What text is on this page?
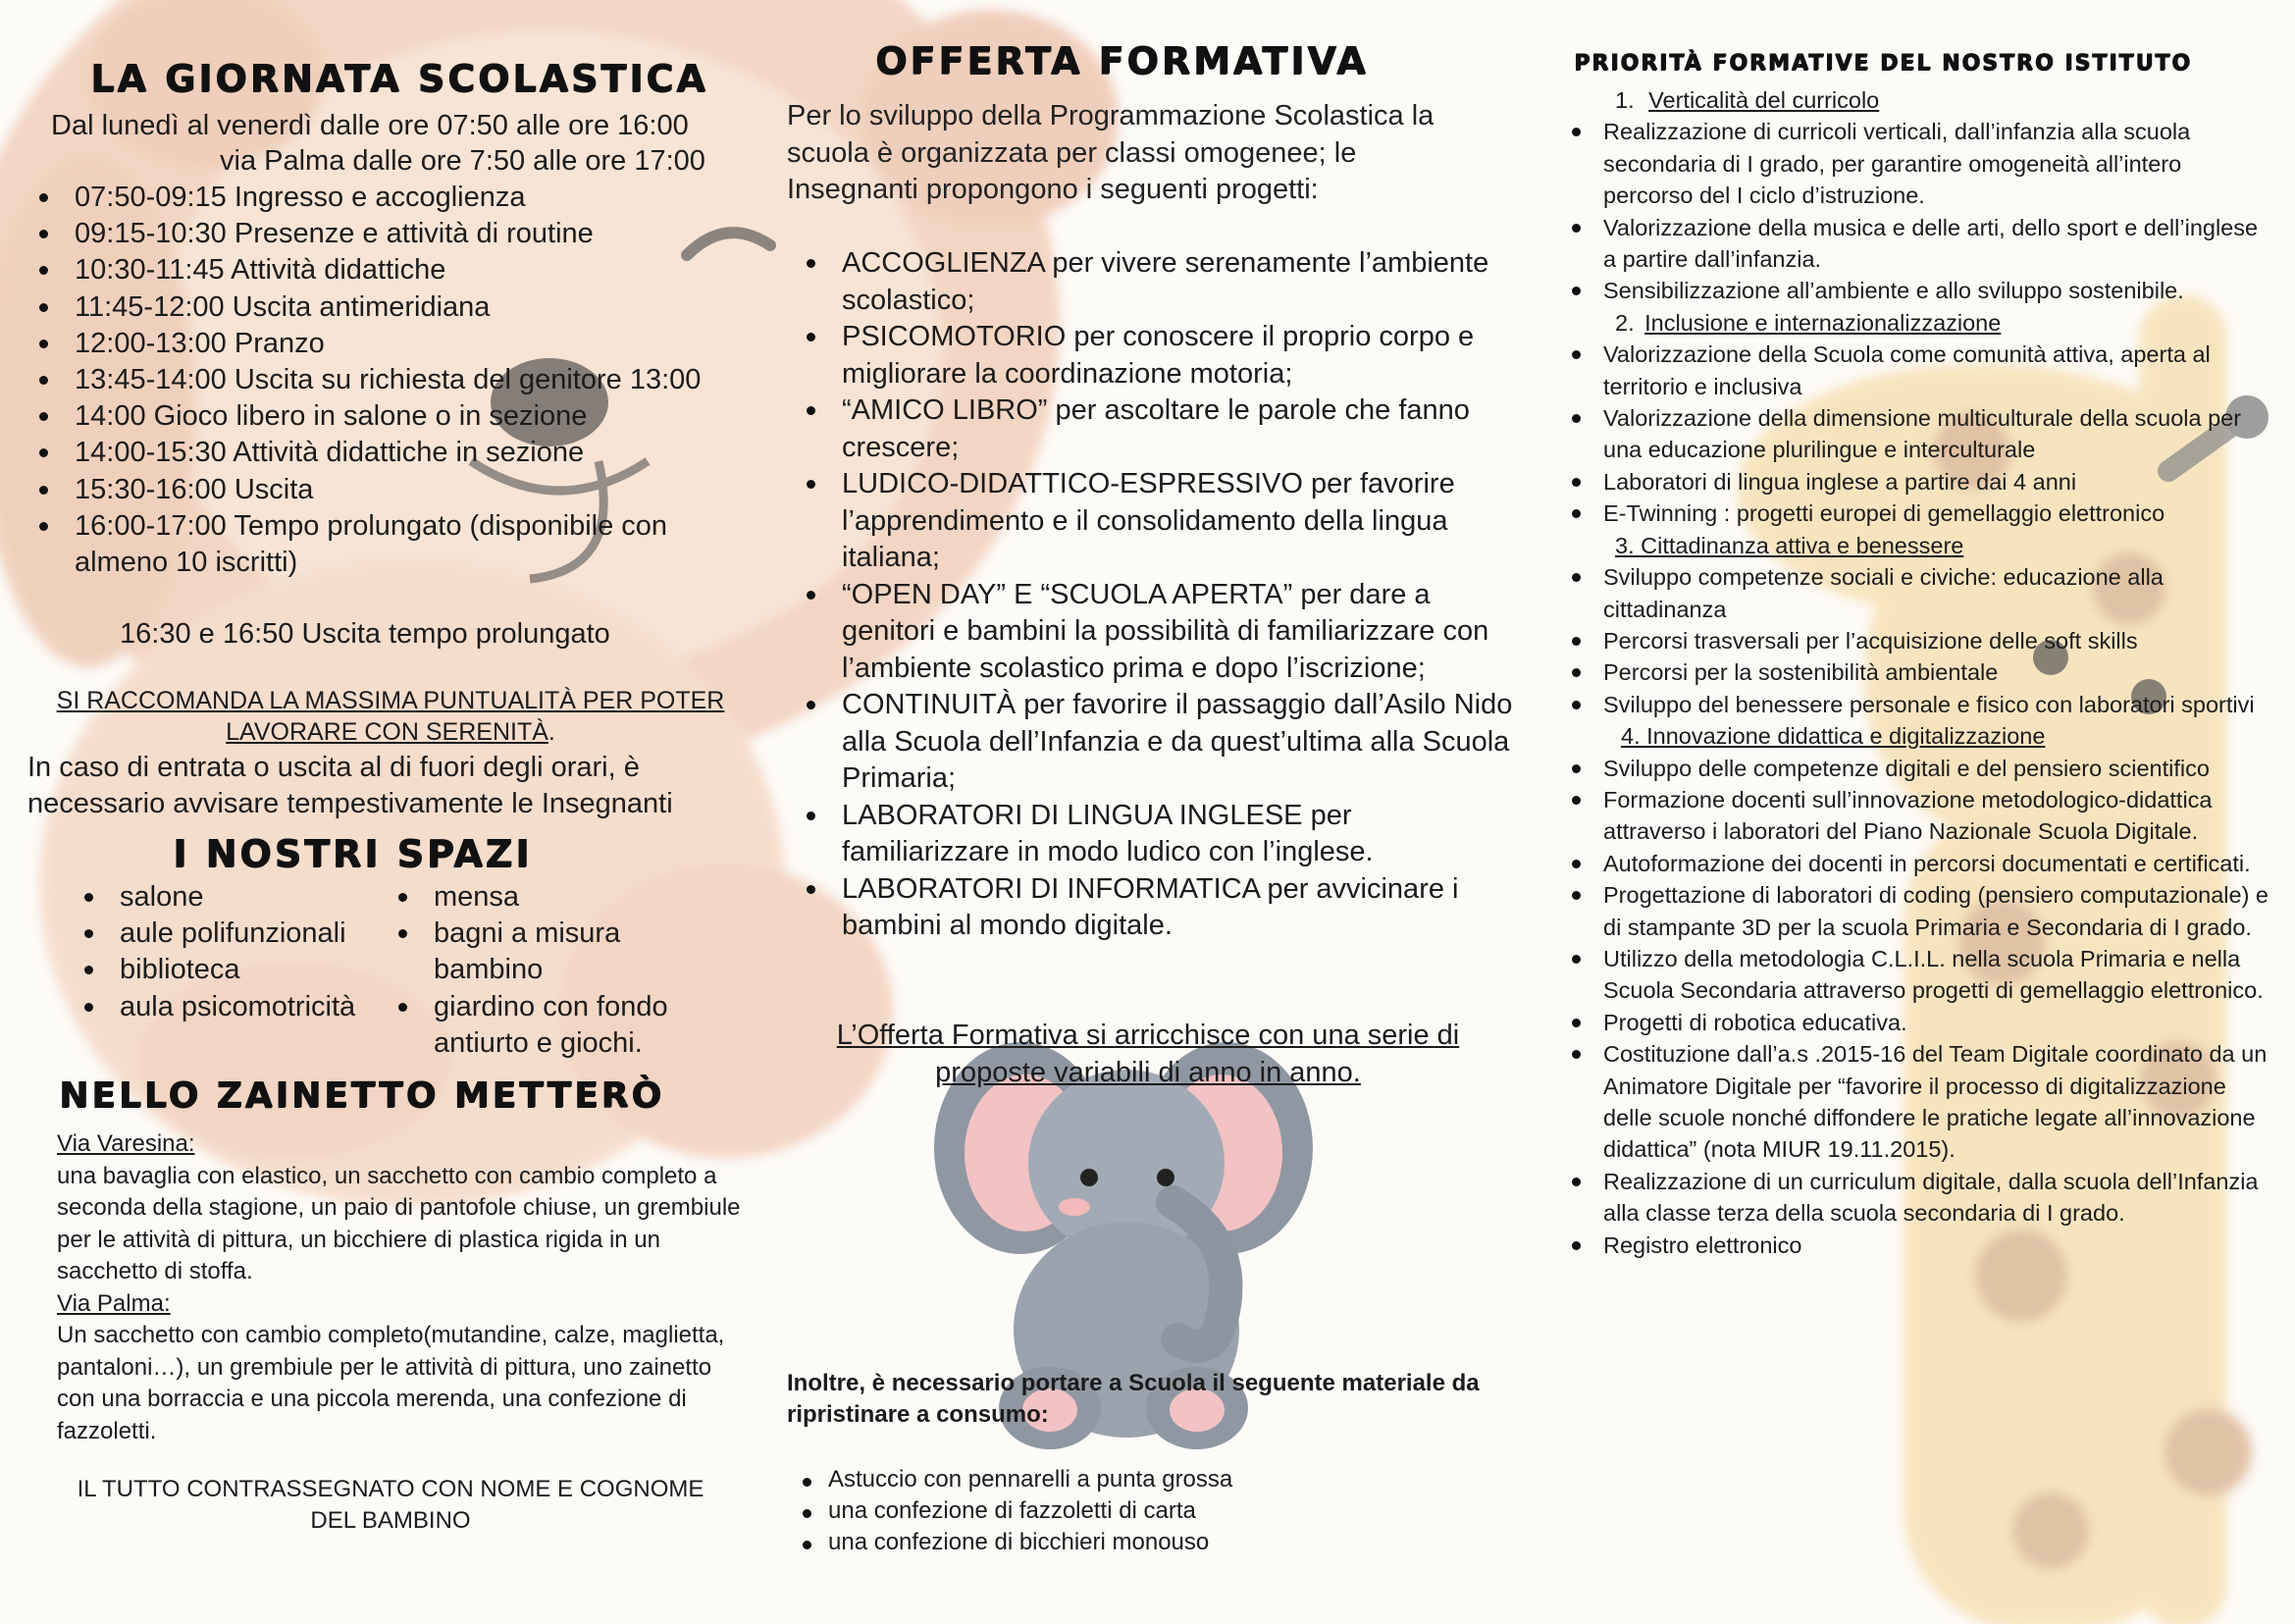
LA GIORNATA SCOLASTICA
Dal lunedì al venerdì dalle ore 07:50 alle ore 16:00
via Palma dalle ore 7:50 alle ore 17:00
07:50-09:15 Ingresso e accoglienza
09:15-10:30 Presenze e attività di routine
10:30-11:45 Attività didattiche
11:45-12:00 Uscita antimeridiana
12:00-13:00 Pranzo
13:45-14:00 Uscita su richiesta del genitore 13:00
14:00 Gioco libero in salone o in sezione
14:00-15:30 Attività didattiche in sezione
15:30-16:00 Uscita
16:00-17:00 Tempo prolungato (disponibile con almeno 10 iscritti)
16:30 e 16:50 Uscita tempo prolungato
SI RACCOMANDA LA MASSIMA PUNTUALITÀ PER POTER
LAVORARE CON SERENITÀ.
In caso di entrata o uscita al di fuori degli orari, è
necessario avvisare tempestivamente le Insegnanti
I NOSTRI SPAZI
salone
aule polifunzionali
biblioteca
aula psicomotricità
mensa
bagni a misura bambino
giardino con fondo antiurto e giochi.
NELLO ZAINETTO METTERÒ
Via Varesina:
una bavaglia con elastico, un sacchetto con cambio completo a seconda della stagione, un paio di pantofole chiuse, un grembiule per le attività di pittura, un bicchiere di plastica rigida in un sacchetto di stoffa.
Via Palma:
Un sacchetto con cambio completo(mutandine, calze, maglietta, pantaloni…), un grembiule per le attività di pittura, uno zainetto con una borraccia e una piccola merenda, una confezione di fazzoletti.
IL TUTTO CONTRASSEGNATO CON NOME E COGNOME
DEL BAMBINO
OFFERTA FORMATIVA
Per lo sviluppo della Programmazione Scolastica la scuola è organizzata per classi omogenee; le Insegnanti propongono i seguenti progetti:
ACCOGLIENZA per vivere serenamente l’ambiente scolastico;
PSICOMOTORIO per conoscere il proprio corpo e migliorare la coordinazione motoria;
“AMICO LIBRO” per ascoltare le parole che fanno crescere;
LUDICO-DIDATTICO-ESPRESSIVO per favorire l’apprendimento e il consolidamento della lingua italiana;
“OPEN DAY” E “SCUOLA APERTA” per dare a genitori e bambini la possibilità di familiarizzare con l’ambiente scolastico prima e dopo l’iscrizione;
CONTINUITÀ per favorire il passaggio dall’Asilo Nido alla Scuola dell’Infanzia e da quest’ultima alla Scuola Primaria;
LABORATORI DI LINGUA INGLESE per familiarizzare in modo ludico con l’inglese.
LABORATORI DI INFORMATICA per avvicinare i bambini al mondo digitale.
L’Offerta Formativa si arricchisce con una serie di
proposte variabili di anno in anno.
Inoltre, è necessario portare a Scuola il seguente materiale da ripristinare a consumo:
Astuccio con pennarelli a punta grossa
una confezione di fazzoletti di carta
una confezione di bicchieri monouso
PRIORITÀ FORMATIVE DEL NOSTRO ISTITUTO
1. Verticalità del curricolo
Realizzazione di curricoli verticali, dall’infanzia alla scuola secondaria di I grado, per garantire omogeneità all’intero percorso del I ciclo d’istruzione.
Valorizzazione della musica e delle arti, dello sport e dell’inglese a partire dall’infanzia.
Sensibilizzazione all’ambiente e allo sviluppo sostenibile.
2. Inclusione e internazionalizzazione
Valorizzazione della Scuola come comunità attiva, aperta al territorio e inclusiva
Valorizzazione della dimensione multiculturale della scuola per una educazione plurilingue e interculturale
Laboratori di lingua inglese a partire dai 4 anni
E-Twinning : progetti europei di gemellaggio elettronico
3. Cittadinanza attiva e benessere
Sviluppo competenze sociali e civiche: educazione alla cittadinanza
Percorsi trasversali per l’acquisizione delle soft skills
Percorsi per la sostenibilità ambientale
Sviluppo del benessere personale e fisico con laboratori sportivi
4. Innovazione didattica e digitalizzazione
Sviluppo delle competenze digitali e del pensiero scientifico
Formazione docenti sull’innovazione metodologico-didattica attraverso i laboratori del Piano Nazionale Scuola Digitale.
Autoformazione dei docenti in percorsi documentati e certificati.
Progettazione di laboratori di coding (pensiero computazionale) e di stampante 3D per la scuola Primaria e Secondaria di I grado.
Utilizzo della metodologia C.L.I.L. nella scuola Primaria e nella Scuola Secondaria attraverso progetti di gemellaggio elettronico.
Progetti di robotica educativa.
Costituzione dall’a.s .2015-16 del Team Digitale coordinato da un Animatore Digitale per “favorire il processo di digitalizzazione delle scuole nonché diffondere le pratiche legate all’innovazione didattica” (nota MIUR 19.11.2015).
Realizzazione di un curriculum digitale, dalla scuola dell’Infanzia alla classe terza della scuola secondaria di I grado.
Registro elettronico
